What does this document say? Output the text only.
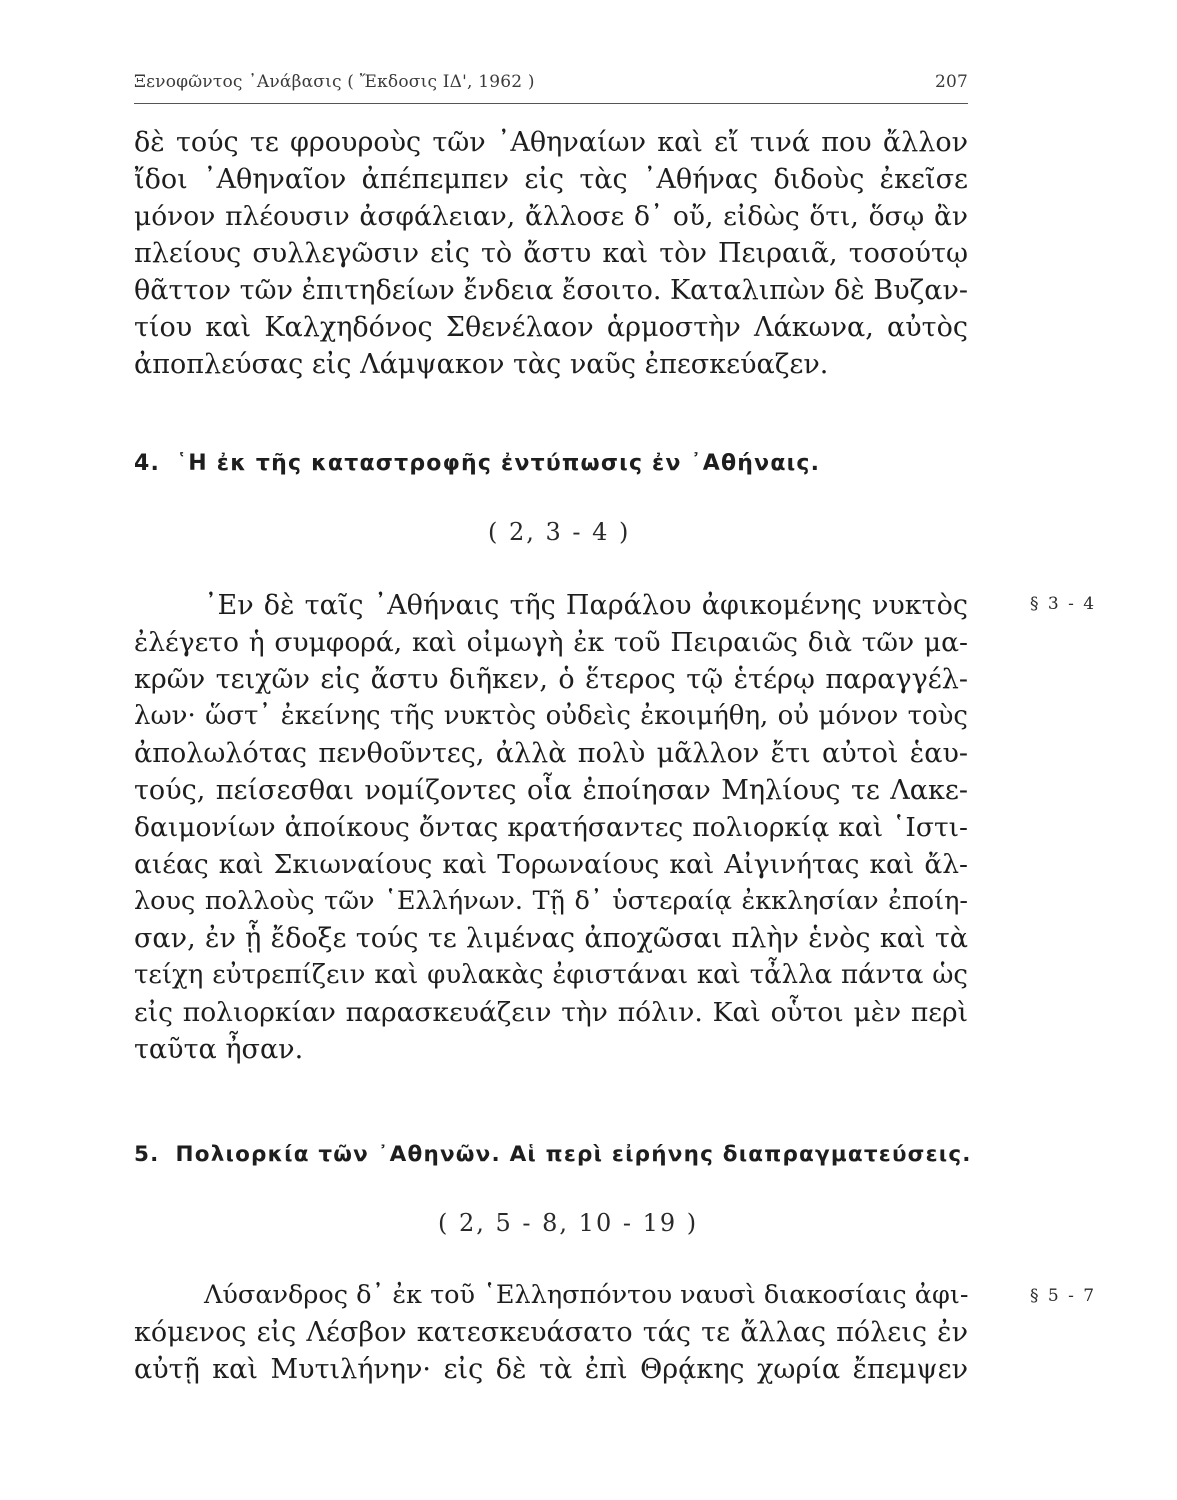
Ξενοφῶντος ᾽Ανάβασις ( Ἔκδοσις ΙΔ', 1962 )	207
δὲ τούς τε φρουροὺς τῶν ᾽Αθηναίων καὶ εἴ τινά που ἄλλον
ἴδοι ᾽Αθηναῖον ἀπέπεμπεν εἰς τὰς ᾽Αθήνας διδοὺς ἐκεῖσε
μόνον πλέουσιν ἀσφάλειαν, ἄλλοσε δ᾽ οὔ, εἰδὼς ὅτι, ὅσῳ ἂν
πλείους συλλεγῶσιν εἰς τὸ ἄστυ καὶ τὸν Πειραιᾶ, τοσούτῳ
θᾶττον τῶν ἐπιτηδείων ἔνδεια ἔσοιτο. Καταλιπὼν δὲ Βυζαν-
τίου καὶ Καλχηδόνος Σθενέλαον ἁρμοστὴν Λάκωνα, αὐτὸς
ἀποπλεύσας εἰς Λάμψακον τὰς ναῦς ἐπεσκεύαζεν.
4. ῾Η ἐκ τῆς καταστροφῆς ἐντύπωσις ἐν ᾽Αθήναις.
( 2, 3 - 4 )
§ 3 - 4
᾽Εν δὲ ταῖς ᾽Αθήναις τῆς Παράλου ἀφικομένης νυκτὸς
ἐλέγετο ἡ συμφορά, καὶ οἰμωγὴ ἐκ τοῦ Πειραιῶς διὰ τῶν μα-
κρῶν τειχῶν εἰς ἄστυ διῆκεν, ὁ ἕτερος τῷ ἑτέρῳ παραγγέλ-
λων· ὥστ᾽ ἐκείνης τῆς νυκτὸς οὐδεὶς ἐκοιμήθη, οὐ μόνον τοὺς
ἀπολωλότας πενθοῦντες, ἀλλὰ πολὺ μᾶλλον ἔτι αὐτοὶ ἑαυ-
τούς, πείσεσθαι νομίζοντες οἷα ἐποίησαν Μηλίους τε Λακε-
δαιμονίων ἀποίκους ὄντας κρατήσαντες πολιορκίᾳ καὶ ῾Ιστι-
αιέας καὶ Σκιωναίους καὶ Τορωναίους καὶ Αἰγινήτας καὶ ἄλ-
λους πολλοὺς τῶν ῾Ελλήνων. Τῇ δ᾽ ὑστεραίᾳ ἐκκλησίαν ἐποίη-
σαν, ἐν ᾗ ἔδοξε τούς τε λιμένας ἀποχῶσαι πλὴν ἑνὸς καὶ τὰ
τείχη εὐτρεπίζειν καὶ φυλακὰς ἐφιστάναι καὶ τἆλλα πάντα ὡς
εἰς πολιορκίαν παρασκευάζειν τὴν πόλιν. Καὶ οὗτοι μὲν περὶ
ταῦτα ἦσαν.
5. Πολιορκία τῶν ᾽Αθηνῶν. Αἱ περὶ εἰρήνης διαπραγματεύσεις.
( 2, 5 - 8, 10 - 19 )
§ 5 - 7
Λύσανδρος δ᾽ ἐκ τοῦ ῾Ελλησπόντου ναυσὶ διακοσίαις ἀφι-
κόμενος εἰς Λέσβον κατεσκευάσατο τάς τε ἄλλας πόλεις ἐν
αὐτῇ καὶ Μυτιλήνην· εἰς δὲ τὰ ἐπὶ Θρᾴκης χωρία ἔπεμψεν
